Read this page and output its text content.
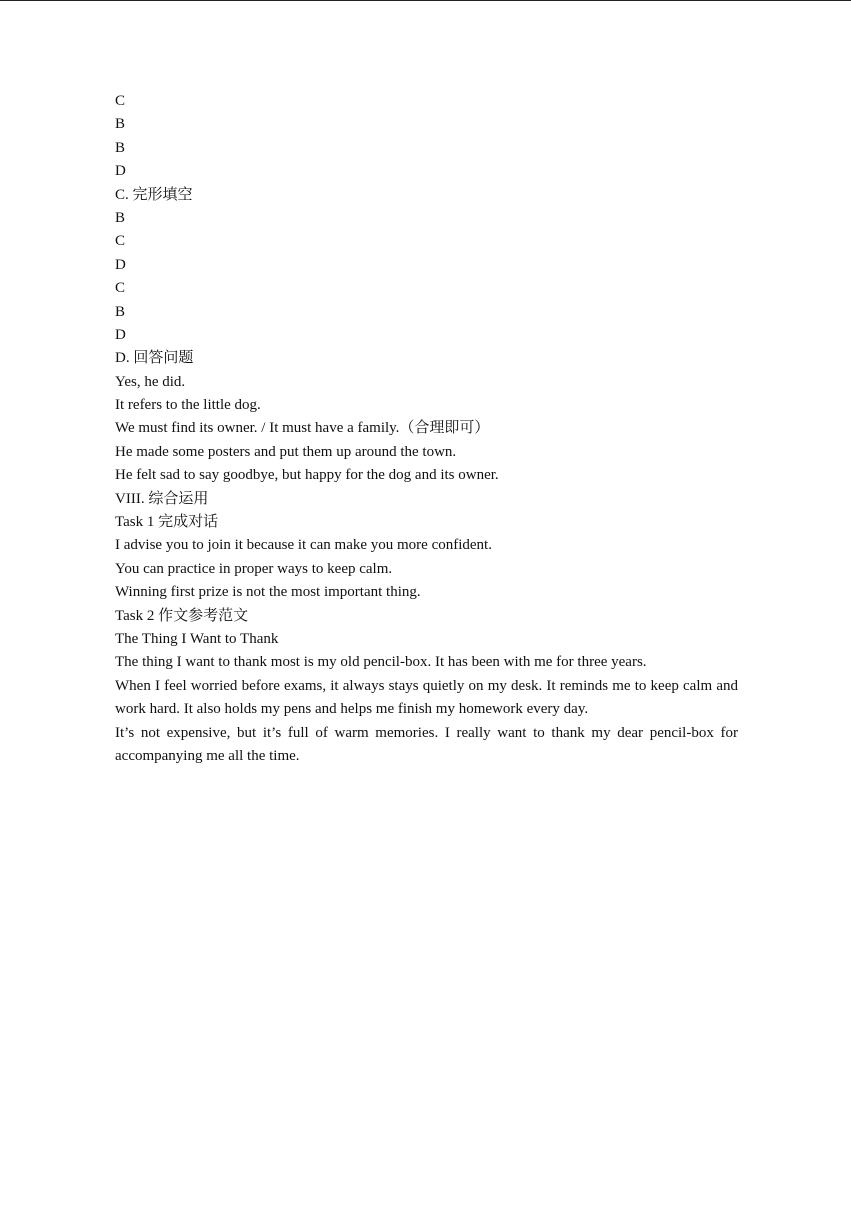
C
B
B
D
C. 完形填空
B
C
D
C
B
D
D. 回答问题
Yes, he did.
It refers to the little dog.
We must find its owner. / It must have a family.（合理即可）
He made some posters and put them up around the town.
He felt sad to say goodbye, but happy for the dog and its owner.
VIII. 综合运用
Task 1 完成对话
I advise you to join it because it can make you more confident.
You can practice in proper ways to keep calm.
Winning first prize is not the most important thing.
Task 2 作文参考范文
The Thing I Want to Thank
The thing I want to thank most is my old pencil-box. It has been with me for three years.
When I feel worried before exams, it always stays quietly on my desk. It reminds me to keep calm and work hard. It also holds my pens and helps me finish my homework every day.
It’s not expensive, but it’s full of warm memories. I really want to thank my dear pencil-box for accompanying me all the time.
